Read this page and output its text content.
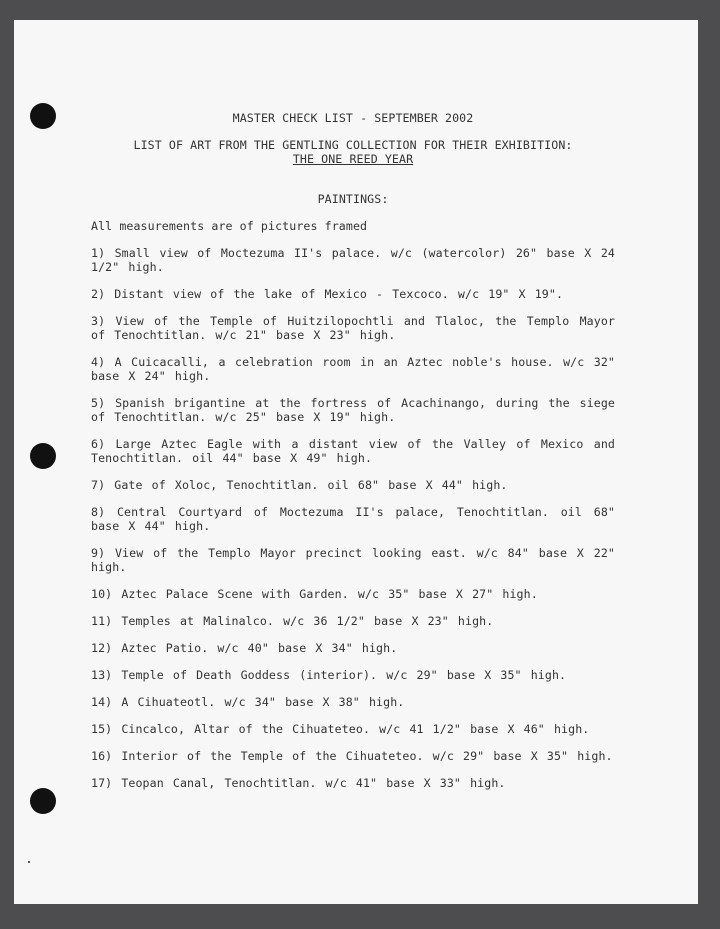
MASTER CHECK LIST - SEPTEMBER 2002
LIST OF ART FROM THE GENTLING COLLECTION FOR THEIR EXHIBITION:
THE ONE REED YEAR
PAINTINGS:
All measurements are of pictures framed
1) Small view of Moctezuma II's palace. w/c (watercolor) 26" base X 24 1/2" high.
2) Distant view of the lake of Mexico - Texcoco. w/c 19" X 19".
3) View of the Temple of Huitzilopochtli and Tlaloc, the Templo Mayor of Tenochtitlan. w/c 21" base X 23" high.
4) A Cuicacalli, a celebration room in an Aztec noble's house. w/c 32" base X 24" high.
5) Spanish brigantine at the fortress of Acachinango, during the siege of Tenochtitlan. w/c 25" base X 19" high.
6) Large Aztec Eagle with a distant view of the Valley of Mexico and Tenochtitlan. oil 44" base X 49" high.
7) Gate of Xoloc, Tenochtitlan. oil 68" base X 44" high.
8) Central Courtyard of Moctezuma II's palace, Tenochtitlan. oil 68" base X 44" high.
9) View of the Templo Mayor precinct looking east. w/c 84" base X 22" high.
10) Aztec Palace Scene with Garden. w/c 35" base X 27" high.
11) Temples at Malinalco. w/c 36 1/2" base X 23" high.
12) Aztec Patio. w/c 40" base X 34" high.
13) Temple of Death Goddess (interior). w/c 29" base X 35" high.
14) A Cihuateotl. w/c 34" base X 38" high.
15) Cincalco, Altar of the Cihuateteo. w/c 41 1/2" base X 46" high.
16) Interior of the Temple of the Cihuateteo. w/c 29" base X 35" high.
17) Teopan Canal, Tenochtitlan. w/c 41" base X 33" high.
